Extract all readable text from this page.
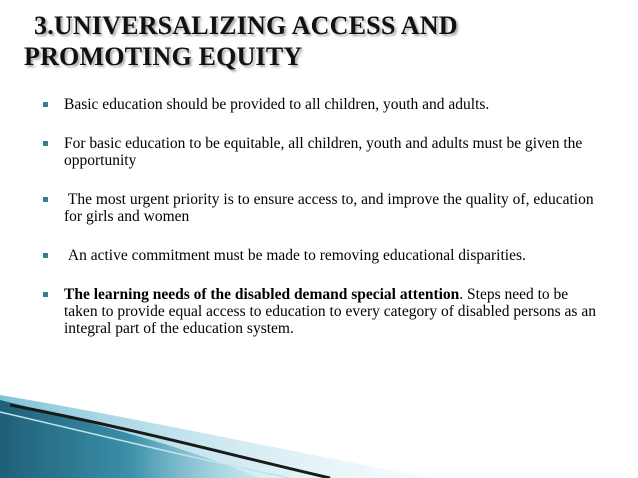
3.UNIVERSALIZING ACCESS AND
PROMOTING EQUITY
Basic education should be provided to all children, youth and adults.
For basic education to be equitable, all children, youth and adults must be given the opportunity
The most urgent priority is to ensure access to, and improve the quality of, education for girls and women
An active commitment must be made to removing educational disparities.
The learning needs of the disabled demand special attention. Steps need to be taken to provide equal access to education to every category of disabled persons as an integral part of the education system.
